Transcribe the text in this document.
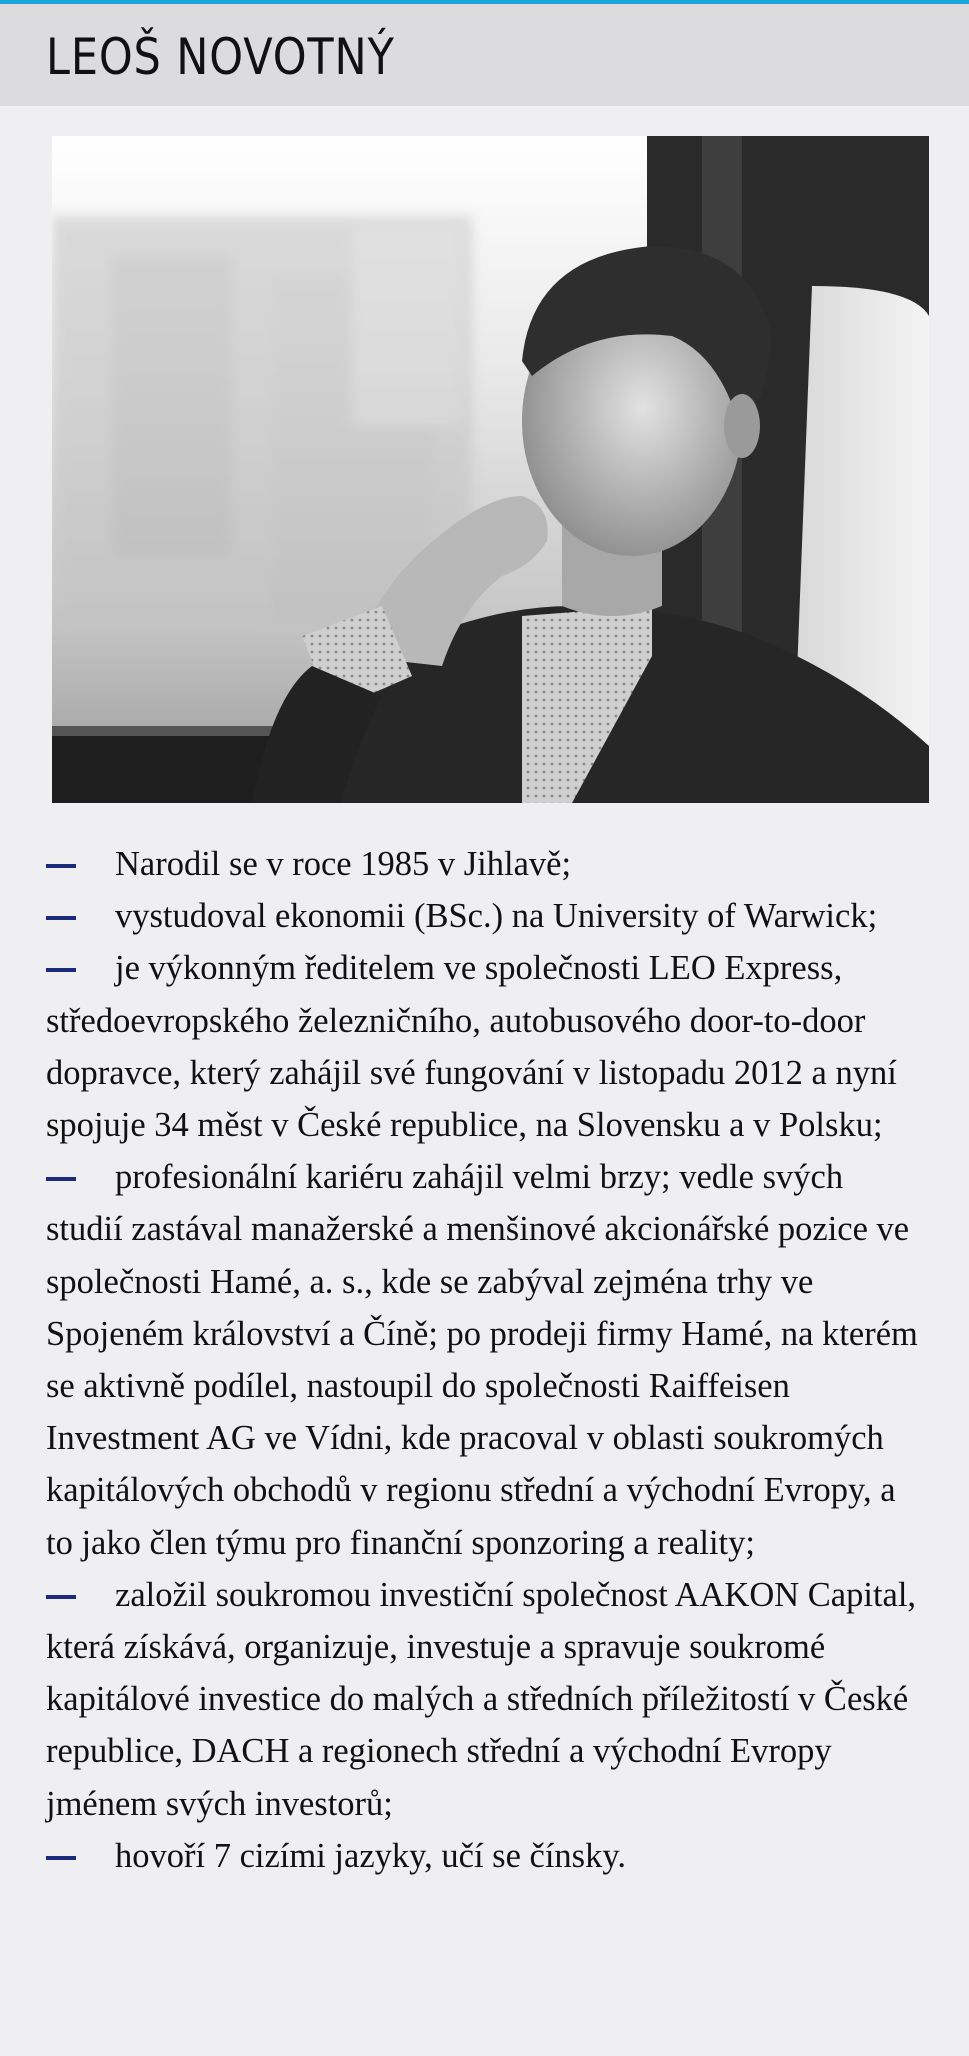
LEOŠ NOVOTNÝ
Narodil se v roce 1985 v Jihlavě;
vystudoval ekonomii (BSc.) na University of Warwick;
je výkonným ředitelem ve společnosti LEO Express, středoevropského železničního, autobusového door-to-door dopravce, který zahájil své fungování v listopadu 2012 a nyní spojuje 34 měst v České republice, na Slovensku a v Polsku;
profesionální kariéru zahájil velmi brzy; vedle svých studií zastával manažerské a menšinové akcionářské pozice ve společnosti Hamé, a. s., kde se zabýval zejména trhy ve Spojeném království a Číně; po prodeji firmy Hamé, na kterém se aktivně podílel, nastoupil do společnosti Raiffeisen Investment AG ve Vídni, kde pracoval v oblasti soukromých kapitálových obchodů v regionu střední a východní Evropy, a to jako člen týmu pro finanční sponzoring a reality;
založil soukromou investiční společnost AAKON Capital, která získává, organizuje, investuje a spravuje soukromé kapitálové investice do malých a středních příležitostí v České republice, DACH a regionech střední a východní Evropy jménem svých investorů;
hovoří 7 cizími jazyky, učí se čínsky.
